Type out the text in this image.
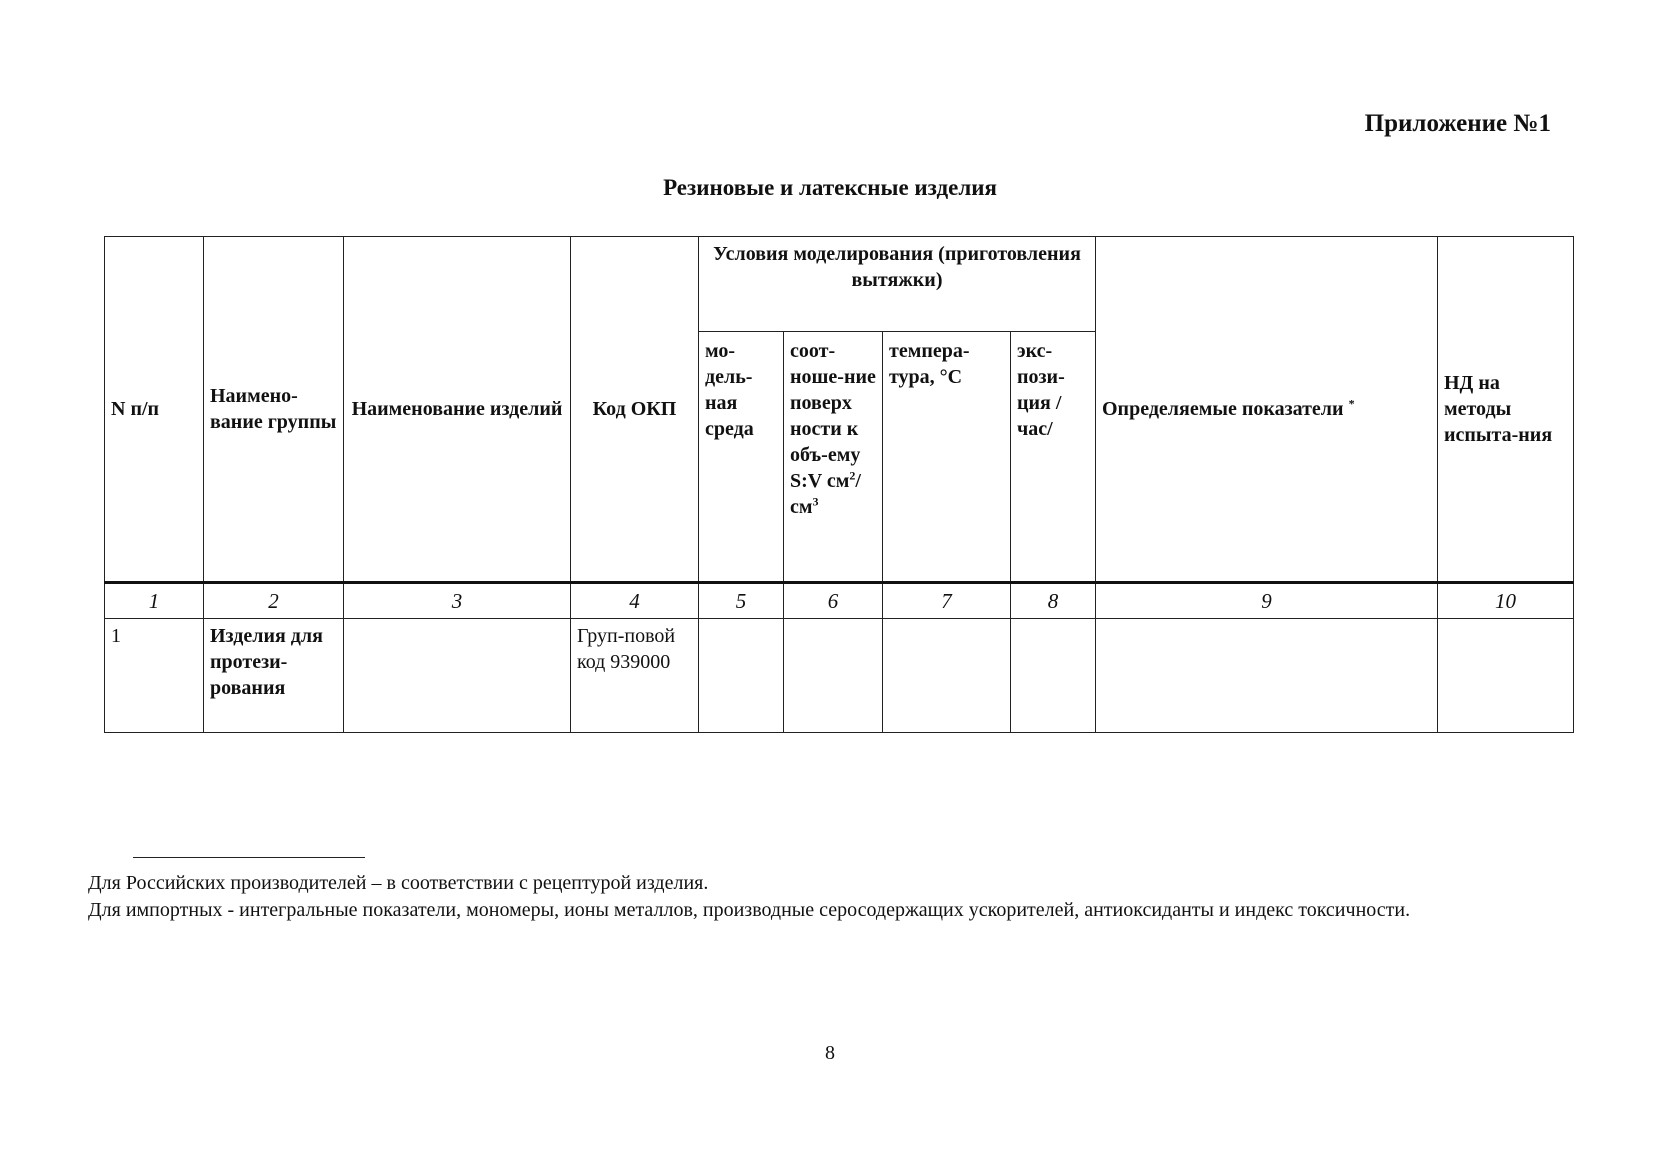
Приложение №1
Резиновые и латексные изделия
N п/п	Наимено-вание группы	Наименование изделий	Код ОКП	Условия моделирования (приготовления вытяжки)				Определяемые показатели *	НД на методы испыта-ния
				мо-дель-ная среда	соот-ноше-ние поверх ности к объ-ему S:V $см^2/см^3$	темпера-тура, °С	экс-пози-ция /час/		
1	2	3	4	5	6	7	8	9	10
1	Изделия для протези-рования		Груп-повой код 939000						
Для Российских производителей – в соответствии с рецептурой изделия.
Для импортных - интегральные показатели, мономеры, ионы металлов, производные серосодержащих ускорителей, антиоксиданты и индекс токсичности.
8
